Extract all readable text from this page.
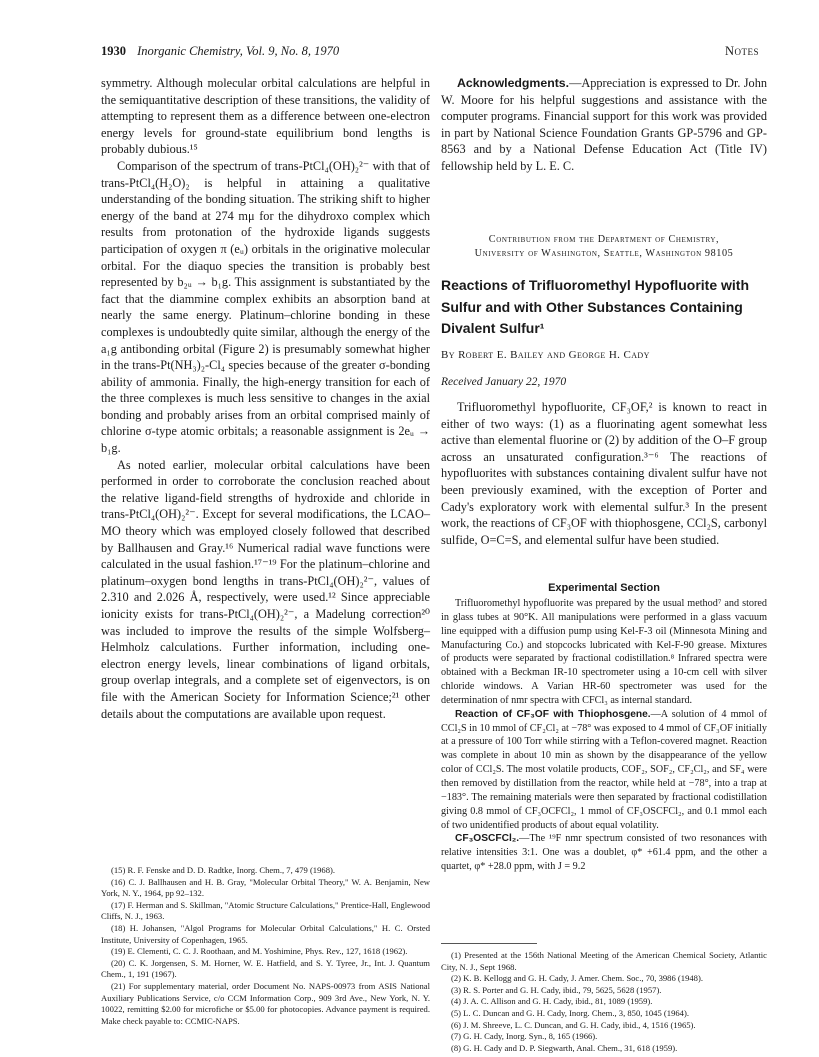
1930 Inorganic Chemistry, Vol. 9, No. 8, 1970	Notes

symmetry. Although molecular orbital calculations are helpful in the semiquantitative description of these transitions, the validity of attempting to represent them as a difference between one-electron energy levels for ground-state equilibrium bond lengths is probably dubious.¹⁵

Comparison of the spectrum of trans-PtCl₄(OH)₂²⁻ with that of trans-PtCl₄(H₂O)₂ is helpful in attaining a qualitative understanding of the bonding situation. The striking shift to higher energy of the band at 274 mμ for the dihydroxo complex which results from protonation of the hydroxide ligands suggests participation of oxygen π (eᵤ) orbitals in the originative molecular orbital. For the diaquo species the transition is probably best represented by b₂ᵤ → b₁g. This assignment is substantiated by the fact that the diammine complex exhibits an absorption band at nearly the same energy. Platinum–chlorine bonding in these complexes is undoubtedly quite similar, although the energy of the a₁g antibonding orbital (Figure 2) is presumably somewhat higher in the trans-Pt(NH₃)₂-Cl₄ species because of the greater σ-bonding ability of ammonia. Finally, the high-energy transition for each of the three complexes is much less sensitive to changes in the axial bonding and probably arises from an orbital comprised mainly of chlorine σ-type atomic orbitals; a reasonable assignment is 2eᵤ → b₁g.

As noted earlier, molecular orbital calculations have been performed in order to corroborate the conclusion reached about the relative ligand-field strengths of hydroxide and chloride in trans-PtCl₄(OH)₂²⁻. Except for several modifications, the LCAO–MO theory which was employed closely followed that described by Ballhausen and Gray.¹⁶ Numerical radial wave functions were calculated in the usual fashion.¹⁷⁻¹⁹ For the platinum–chlorine and platinum–oxygen bond lengths in trans-PtCl₄(OH)₂²⁻, values of 2.310 and 2.026 Å, respectively, were used.¹² Since appreciable ionicity exists for trans-PtCl₄(OH)₂²⁻, a Madelung correction²⁰ was included to improve the results of the simple Wolfsberg–Helmholz calculations. Further information, including one-electron energy levels, linear combinations of ligand orbitals, group overlap integrals, and a complete set of eigenvectors, is on file with the American Society for Information Science;²¹ other details about the computations are available upon request.

(15) R. F. Fenske and D. D. Radtke, Inorg. Chem., 7, 479 (1968).

(16) C. J. Ballhausen and H. B. Gray, "Molecular Orbital Theory," W. A. Benjamin, New York, N. Y., 1964, pp 92–132.

(17) F. Herman and S. Skillman, "Atomic Structure Calculations," Prentice-Hall, Englewood Cliffs, N. J., 1963.

(18) H. Johansen, "Algol Programs for Molecular Orbital Calculations," H. C. Orsted Institute, University of Copenhagen, 1965.

(19) E. Clementi, C. C. J. Roothaan, and M. Yoshimine, Phys. Rev., 127, 1618 (1962).

(20) C. K. Jorgensen, S. M. Horner, W. E. Hatfield, and S. Y. Tyree, Jr., Int. J. Quantum Chem., 1, 191 (1967).

(21) For supplementary material, order Document No. NAPS-00973 from ASIS National Auxiliary Publications Service, c/o CCM Information Corp., 909 3rd Ave., New York, N. Y. 10022, remitting $2.00 for microfiche or $5.00 for photocopies. Advance payment is required. Make check payable to: CCMIC-NAPS.

Acknowledgments.—Appreciation is expressed to Dr. John W. Moore for his helpful suggestions and assistance with the computer programs. Financial support for this work was provided in part by National Science Foundation Grants GP-5796 and GP-8563 and by a National Defense Education Act (Title IV) fellowship held by L. E. C.

Contribution from the Department of Chemistry,
University of Washington, Seattle, Washington 98105
Reactions of Trifluoromethyl Hypofluorite with Sulfur and with Other Substances Containing Divalent Sulfur¹
By Robert E. Bailey and George H. Cady
Received January 22, 1970

Trifluoromethyl hypofluorite, CF₃OF,² is known to react in either of two ways: (1) as a fluorinating agent somewhat less active than elemental fluorine or (2) by addition of the O–F group across an unsaturated configuration.³⁻⁶ The reactions of hypofluorites with substances containing divalent sulfur have not been previously examined, with the exception of Porter and Cady's exploratory work with elemental sulfur.³ In the present work, the reactions of CF₃OF with thiophosgene, CCl₂S, carbonyl sulfide, O=C=S, and elemental sulfur have been studied.

Experimental Section

Trifluoromethyl hypofluorite was prepared by the usual method⁷ and stored in glass tubes at 90°K. All manipulations were performed in a glass vacuum line equipped with a diffusion pump using Kel-F-3 oil (Minnesota Mining and Manufacturing Co.) and stopcocks lubricated with Kel-F-90 grease. Mixtures of products were separated by fractional codistillation.⁸ Infrared spectra were obtained with a Beckman IR-10 spectrometer using a 10-cm cell with silver chloride windows. A Varian HR-60 spectrometer was used for the determination of nmr spectra with CFCl₃ as internal standard.

Reaction of CF₃OF with Thiophosgene.—A solution of 4 mmol of CCl₂S in 10 mmol of CF₂Cl₂ at −78° was exposed to 4 mmol of CF₃OF initially at a pressure of 100 Torr while stirring with a Teflon-covered magnet. Reaction was complete in about 10 min as shown by the disappearance of the yellow color of CCl₂S. The most volatile products, COF₂, SOF₂, CF₂Cl₂, and SF₄ were then removed by distillation from the reactor, while held at −78°, into a trap at −183°. The remaining materials were then separated by fractional codistillation giving 0.8 mmol of CF₃OCFCl₂, 1 mmol of CF₃OSCFCl₂, and 0.1 mmol each of two unidentified products of about equal volatility.

CF₃OSCFCl₂.—The ¹⁹F nmr spectrum consisted of two resonances with relative intensities 3:1. One was a doublet, φ* +61.4 ppm, and the other a quartet, φ* +28.0 ppm, with J = 9.2

(1) Presented at the 156th National Meeting of the American Chemical Society, Atlantic City, N. J., Sept 1968.

(2) K. B. Kellogg and G. H. Cady, J. Amer. Chem. Soc., 70, 3986 (1948).

(3) R. S. Porter and G. H. Cady, ibid., 79, 5625, 5628 (1957).

(4) J. A. C. Allison and G. H. Cady, ibid., 81, 1089 (1959).

(5) L. C. Duncan and G. H. Cady, Inorg. Chem., 3, 850, 1045 (1964).

(6) J. M. Shreeve, L. C. Duncan, and G. H. Cady, ibid., 4, 1516 (1965).

(7) G. H. Cady, Inorg. Syn., 8, 165 (1966).

(8) G. H. Cady and D. P. Siegwarth, Anal. Chem., 31, 618 (1959).
